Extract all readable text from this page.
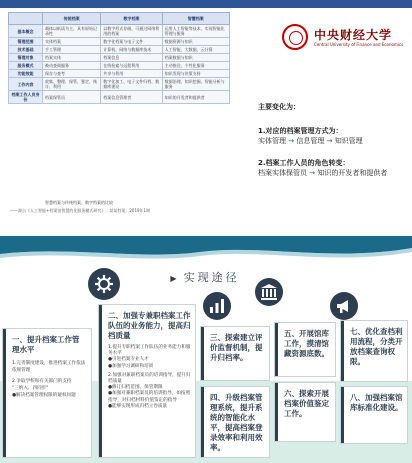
	传统档案	数字档案	智慧档案
基本概念	载体以纸质为主，具有原始记录性	以数字形式存储、可通过网络利用的档案	运用人工智能等技术，实现智能化管理与服务
管理范围	实体档案	数字化档案与电子文件	数据资源与知识
技术基础	手工管理	计算机、网络与数据库技术	人工智能、大数据、云计算
管理对象	档案实体	档案信息	档案数据与知识
服务模式	被动查阅服务	在线检索与远程利用	主动推送、个性化服务
功能效能	保存与查考	共享与利用	知识发现与决策支持
工作内容	收集、整理、保管、鉴定、统计、利用	数字化加工、电子文件归档、数据库建设	数据治理、知识挖掘、智能分析与服务
档案工作人员身份	档案保管员	档案信息管理者	知识的开发者和提供者
智慧档案与传统档案、数字档案的比较
——源自《人工智能+档案馆智慧的化服务模式研究》，某某档案，2019年1期
中央财经大学
Central University of Finance and Economics
主要变化为：
1.对应的档案管理方式为：
实体管理 → 信息管理 → 知识管理
2.档案工作人员的角色转变：
档案实体保管员 → 知识的开发者和提供者
▶ 实现途径
一、提升档案工作管理水平
1.完善制度建设，推进档案工作依法依规管理
2.争取学校和有关部门的支持
"三纳入、四同步"
●解决档案管理权限的疑权问题
二、加强专兼职档案工作队伍的业务能力，提高归档质量
1.提升专职档案工作队伍的业务能力和服务水平
●引进档案专业人才
●加强学习调研和培训
2.加强对兼职档案员的培训指导，提升归档质量
●修订归档范围、保管期限
●加强对兼职档案员的培训指导，如按照指导，对归档材料价值鉴定的指导
●能够实现形成归档立卷质量
三、探索建立评价监督机制，提升归档率。
四、升级档案管理系统，提升系统的智能化水平，提高档案登录效率和利用效率。
五、开展馆库工作，摸清馆藏资源底数。
六、探索开展档案价值鉴定工作。
七、优化查档利用流程，分类开放档案查询权限。
八、加强档案馆库标准化建设。
